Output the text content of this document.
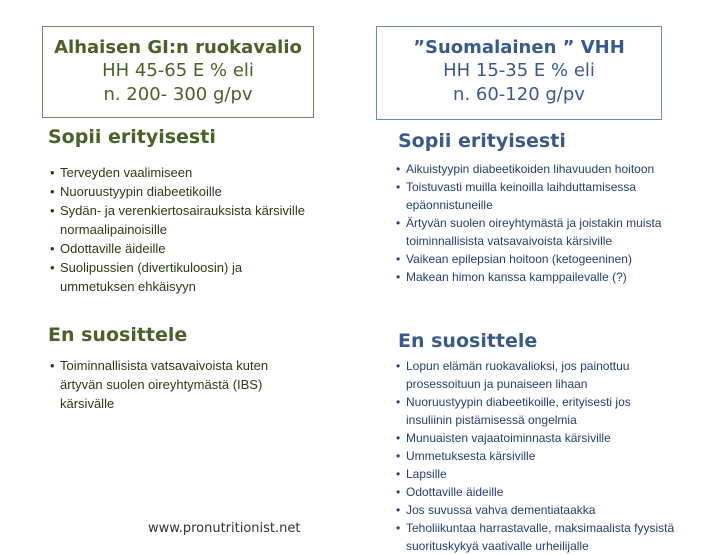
Alhaisen GI:n ruokavalio
HH 45-65 E % eli
n. 200- 300 g/pv
”Suomalainen ” VHH
HH 15-35 E % eli
n. 60-120 g/pv
Sopii erityisesti
• Terveyden vaalimiseen
• Nuoruustyypin diabeetikoille
• Sydän- ja verenkiertosairauksista kärsiville normaalipainoisille
• Odottaville äideille
• Suolipussien (divertikuloosin) ja ummetuksen ehkäisyyn
En suosittele
• Toiminnallisista vatsavaivoista kuten ärtyvän suolen oireyhtymästä (IBS) kärsivälle
Sopii erityisesti
• Aikuistyypin diabeetikoiden lihavuuden hoitoon
• Toistuvasti muilla keinoilla laihduttamisessa epäonnistuneille
• Ärtyvän suolen oireyhtymästä ja joistakin muista toiminnallisista vatsavaivoista kärsiville
• Vaikean epilepsian hoitoon (ketogeeninen)
• Makean himon kanssa kamppailevalle (?)
En suosittele
• Lopun elämän ruokavalioksi, jos painottuu prosessoituun ja punaiseen lihaan
• Nuoruustyypin diabeetikoille, erityisesti jos insuliinin pistämisessä ongelmia
• Munuaisten vajaatoiminnasta kärsiville
• Ummetuksesta kärsiville
• Lapsille
• Odottaville äideille
• Jos suvussa vahva dementiataakka
• Teholiikuntaa harrastavalle, maksimaalista fyysistä suorituskykyä vaativalle urheilijalle
www.pronutritionist.net
